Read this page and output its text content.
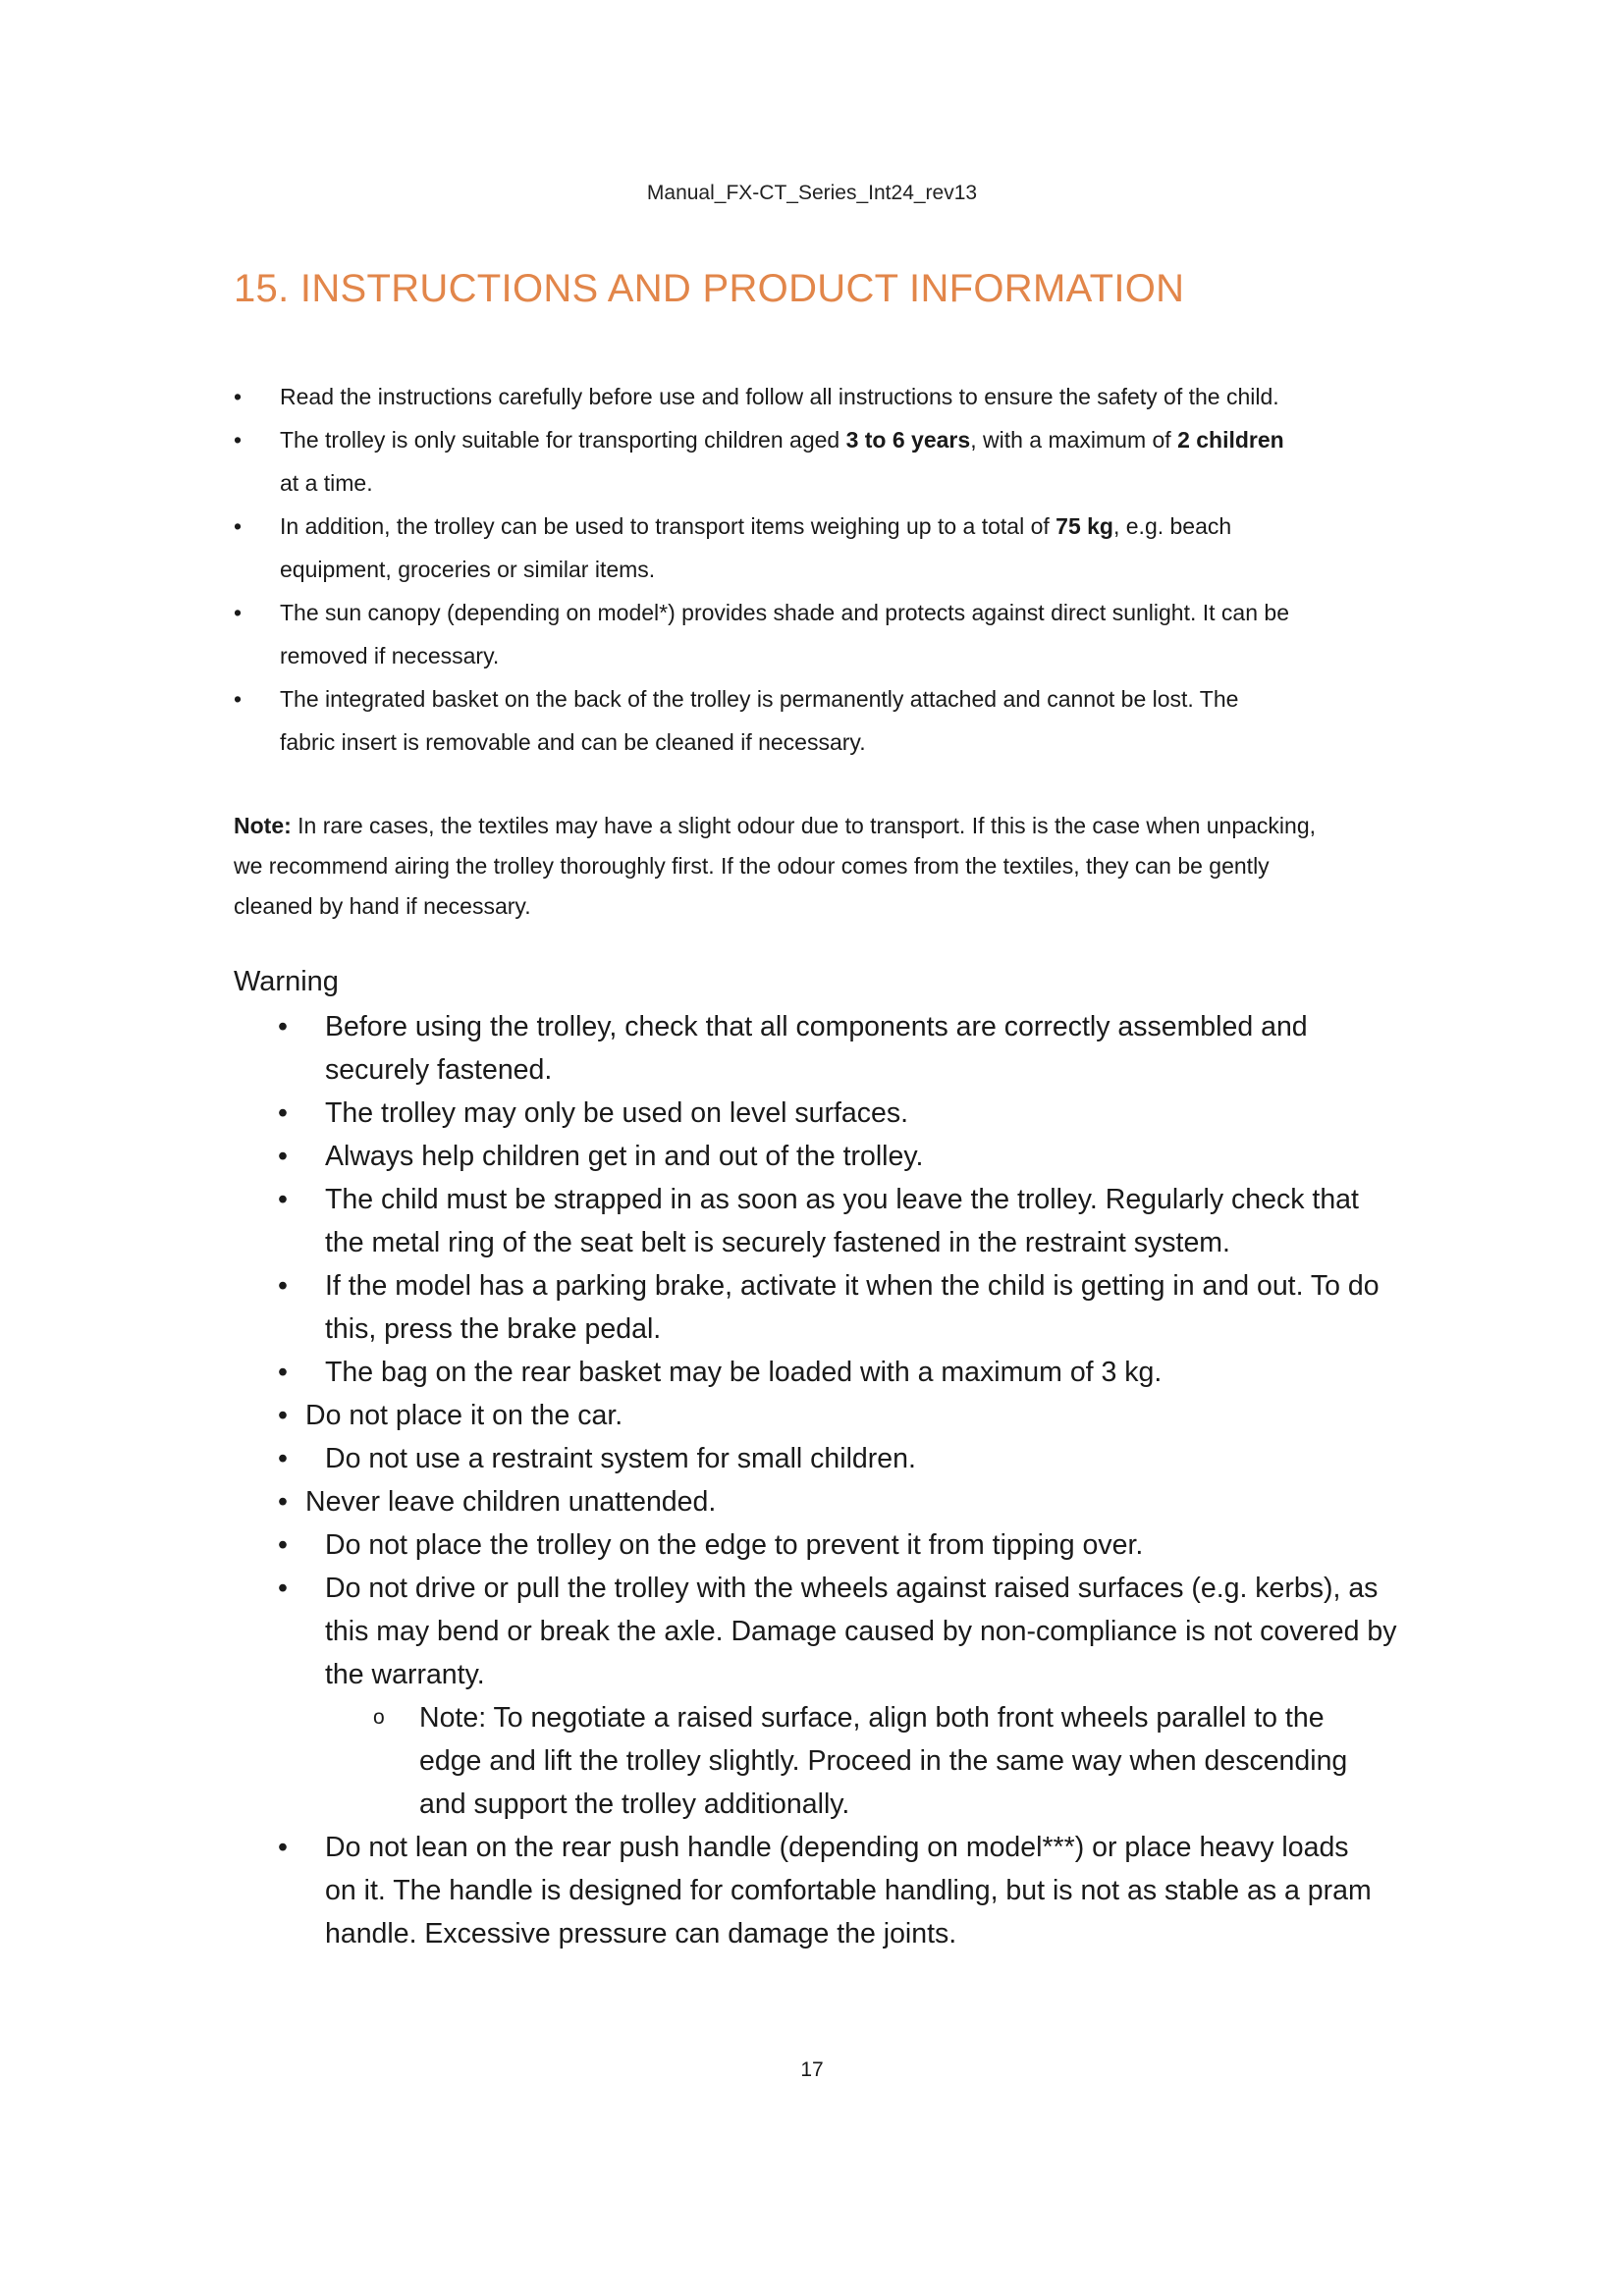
Manual_FX-CT_Series_Int24_rev13
15. INSTRUCTIONS AND PRODUCT INFORMATION
• Read the instructions carefully before use and follow all instructions to ensure the safety of the child.
• The trolley is only suitable for transporting children aged 3 to 6 years, with a maximum of 2 children
at a time.
• In addition, the trolley can be used to transport items weighing up to a total of 75 kg, e.g. beach
equipment, groceries or similar items.
• The sun canopy (depending on model*) provides shade and protects against direct sunlight. It can be
removed if necessary.
• The integrated basket on the back of the trolley is permanently attached and cannot be lost. The
fabric insert is removable and can be cleaned if necessary.

Note: In rare cases, the textiles may have a slight odour due to transport. If this is the case when unpacking,
we recommend airing the trolley thoroughly first. If the odour comes from the textiles, they can be gently
cleaned by hand if necessary.

Warning
• Before using the trolley, check that all components are correctly assembled and
securely fastened.
• The trolley may only be used on level surfaces.
• Always help children get in and out of the trolley.
• The child must be strapped in as soon as you leave the trolley. Regularly check that
the metal ring of the seat belt is securely fastened in the restraint system.
• If the model has a parking brake, activate it when the child is getting in and out. To do
this, press the brake pedal.
• The bag on the rear basket may be loaded with a maximum of 3 kg.
• Do not place it on the car.
• Do not use a restraint system for small children.
• Never leave children unattended.
• Do not place the trolley on the edge to prevent it from tipping over.
• Do not drive or pull the trolley with the wheels against raised surfaces (e.g. kerbs), as
this may bend or break the axle. Damage caused by non-compliance is not covered by
the warranty.
o Note: To negotiate a raised surface, align both front wheels parallel to the
edge and lift the trolley slightly. Proceed in the same way when descending
and support the trolley additionally.
• Do not lean on the rear push handle (depending on model***) or place heavy loads
on it. The handle is designed for comfortable handling, but is not as stable as a pram
handle. Excessive pressure can damage the joints.
17
